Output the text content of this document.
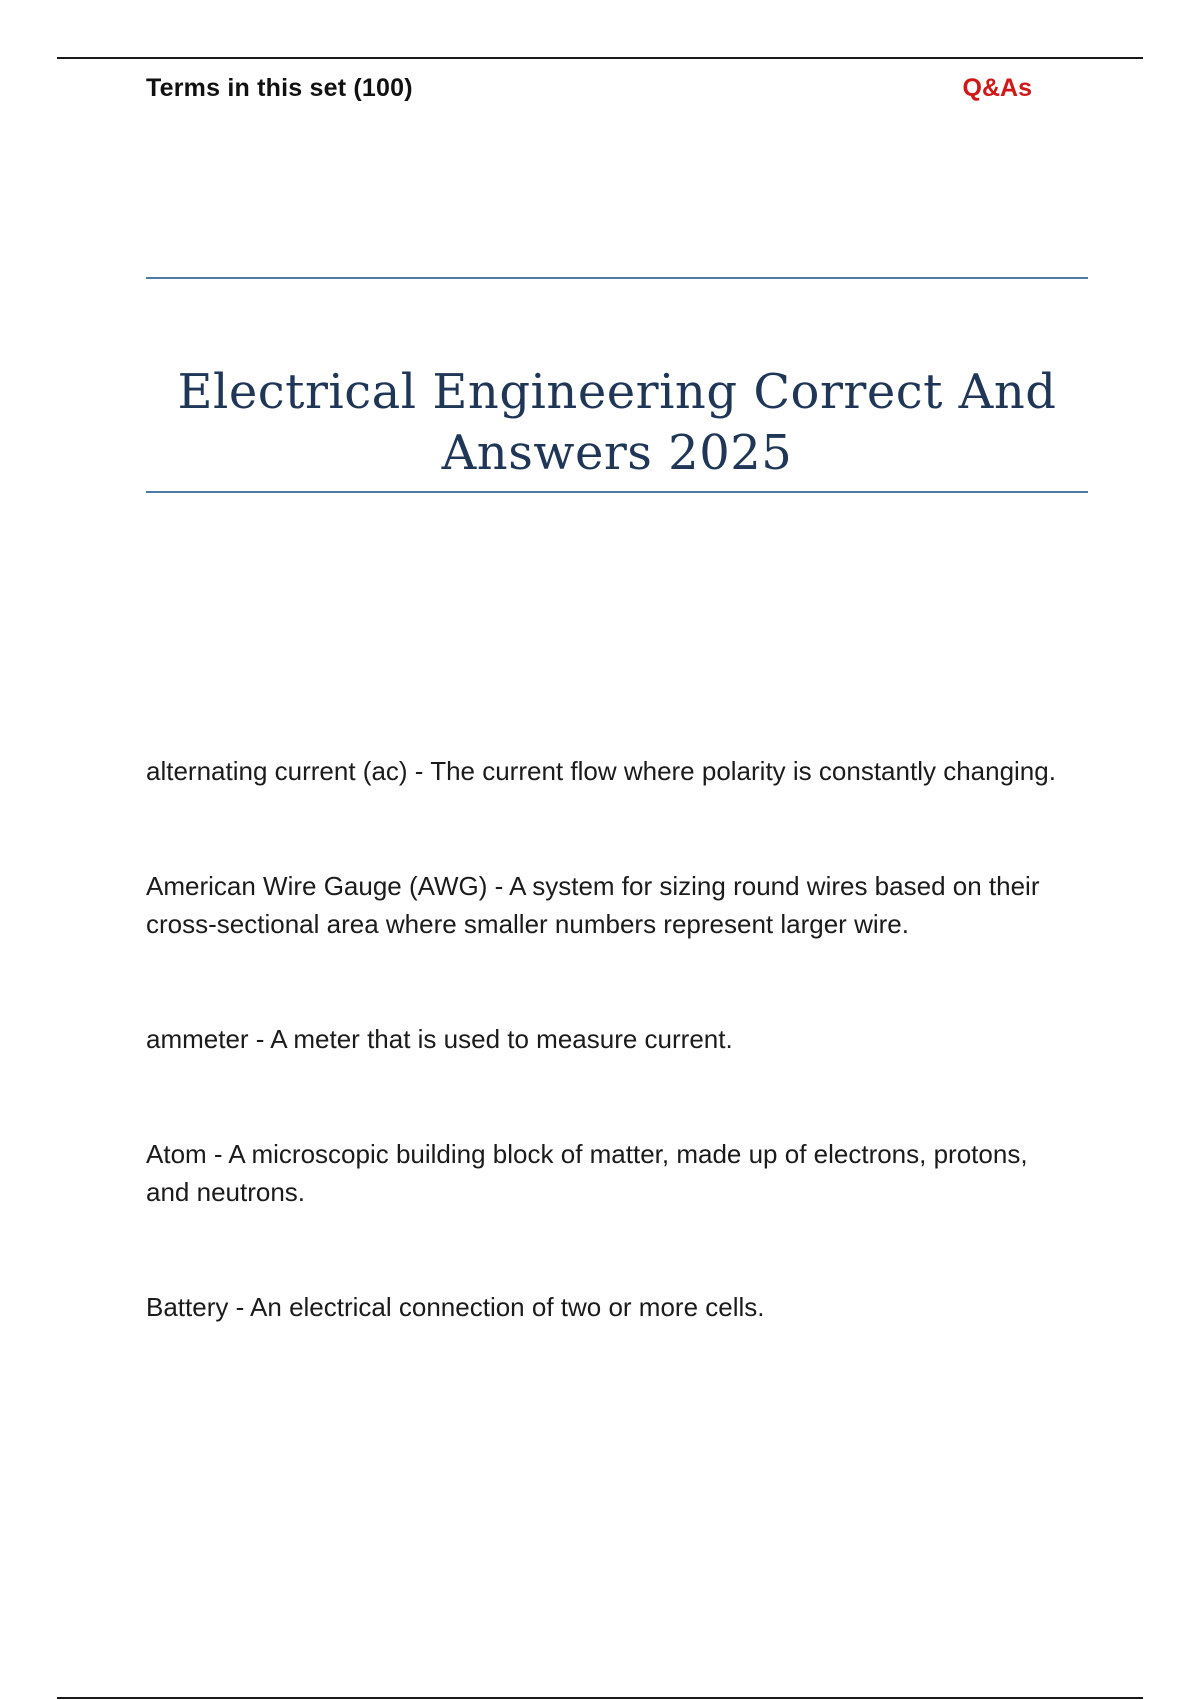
Terms in this set (100)	Q&As
Electrical Engineering Correct And
Answers 2025
alternating current (ac) - The current flow where polarity is constantly changing.
American Wire Gauge (AWG) - A system for sizing round wires based on their cross-sectional area where smaller numbers represent larger wire.
ammeter - A meter that is used to measure current.
Atom - A microscopic building block of matter, made up of electrons, protons, and neutrons.
Battery - An electrical connection of two or more cells.
